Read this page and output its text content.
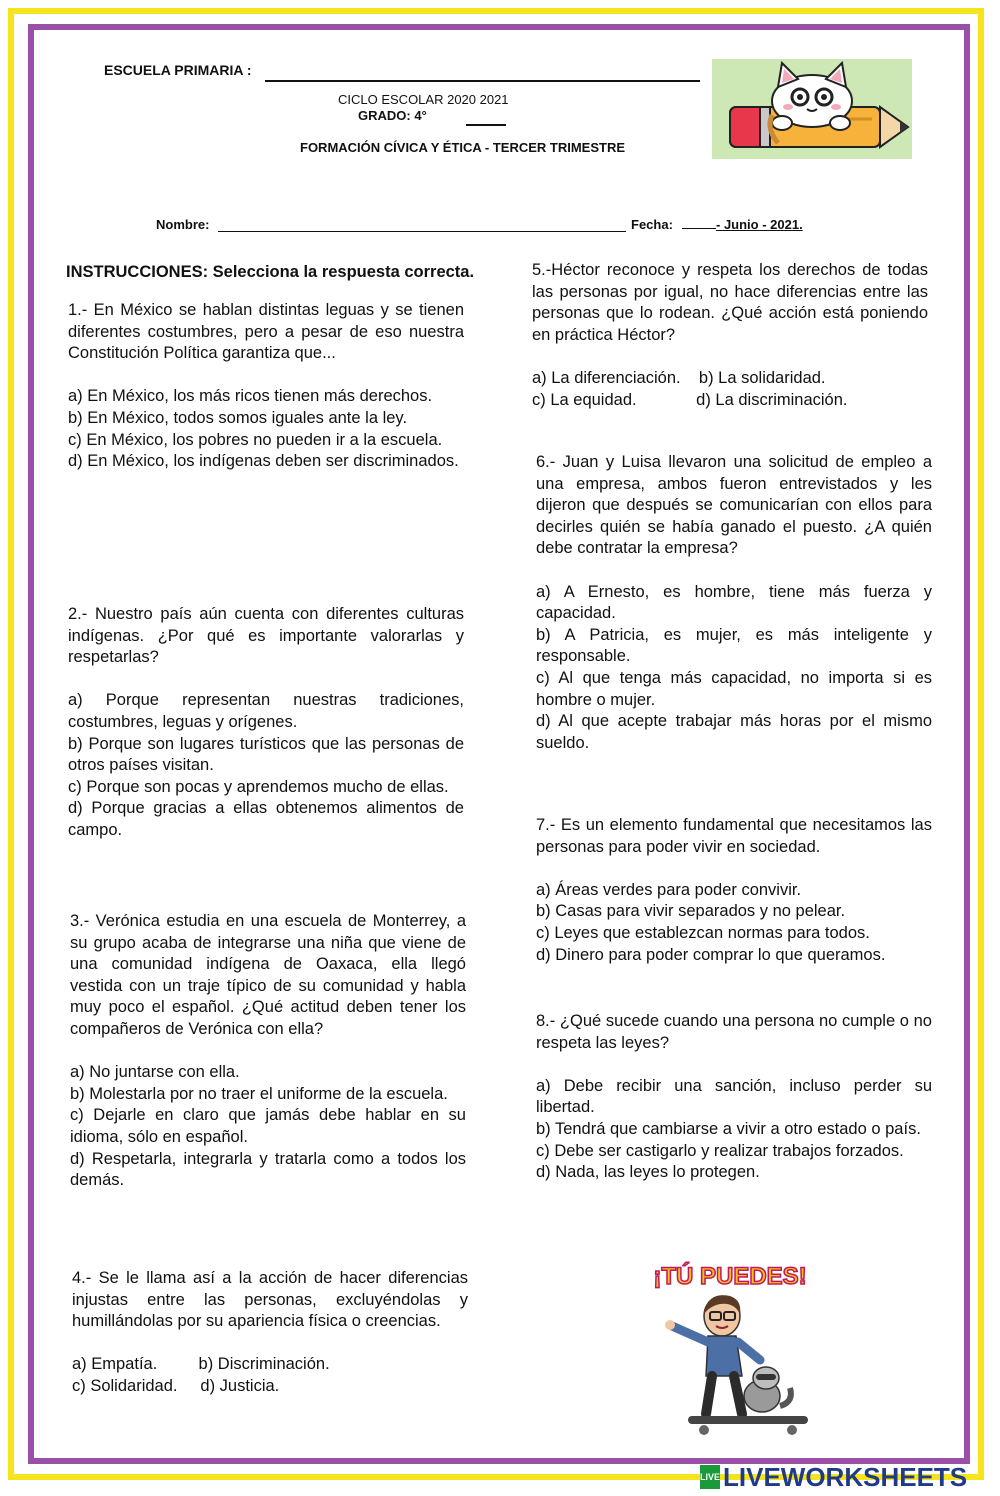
ESCUELA PRIMARIA :
CICLO ESCOLAR 2020 2021
GRADO: 4°
FORMACIÓN CÍVICA Y ÉTICA - TERCER TRIMESTRE
Nombre:	Fecha:	- Junio - 2021.
INSTRUCCIONES: Selecciona la respuesta correcta.

1.- En México se hablan distintas leguas y se tienen diferentes costumbres, pero a pesar de eso nuestra Constitución Política garantiza que...

a) En México, los más ricos tienen más derechos.

b) En México, todos somos iguales ante la ley.

c) En México, los pobres no pueden ir a la escuela.

d) En México, los indígenas deben ser discriminados.

2.- Nuestro país aún cuenta con diferentes culturas indígenas. ¿Por qué es importante valorarlas y respetarlas?

a) Porque representan nuestras tradiciones, costumbres, leguas y orígenes.

b) Porque son lugares turísticos que las personas de otros países visitan.

c) Porque son pocas y aprendemos mucho de ellas.

d) Porque gracias a ellas obtenemos alimentos de campo.

3.- Verónica estudia en una escuela de Monterrey, a su grupo acaba de integrarse una niña que viene de una comunidad indígena de Oaxaca, ella llegó vestida con un traje típico de su comunidad y habla muy poco el español. ¿Qué actitud deben tener los compañeros de Verónica con ella?

a) No juntarse con ella.

b) Molestarla por no traer el uniforme de la escuela.

c) Dejarle en claro que jamás debe hablar en su idioma, sólo en español.

d) Respetarla, integrarla y tratarla como a todos los demás.

4.- Se le llama así a la acción de hacer diferencias injustas entre las personas, excluyéndolas y humillándolas por su apariencia física o creencias.

a) Empatía.         b) Discriminación.

c) Solidaridad.     d) Justicia.

5.-Héctor reconoce y respeta los derechos de todas las personas por igual, no hace diferencias entre las personas que lo rodean. ¿Qué acción está poniendo en práctica Héctor?

a) La diferenciación.    b) La solidaridad.

c) La equidad.             d) La discriminación.

6.- Juan y Luisa llevaron una solicitud de empleo a una empresa, ambos fueron entrevistados y les dijeron que después se comunicarían con ellos para decirles quién se había ganado el puesto. ¿A quién debe contratar la empresa?

a) A Ernesto, es hombre, tiene más fuerza y capacidad.

b) A Patricia, es mujer, es más inteligente y responsable.

c) Al que tenga más capacidad, no importa si es hombre o mujer.

d) Al que acepte trabajar más horas por el mismo sueldo.

7.- Es un elemento fundamental que necesitamos las personas para poder vivir en sociedad.

a) Áreas verdes para poder convivir.

b) Casas para vivir separados y no pelear.

c) Leyes que establezcan normas para todos.

d) Dinero para poder comprar lo que queramos.

8.- ¿Qué sucede cuando una persona no cumple o no respeta las leyes?

a) Debe recibir una sanción, incluso perder su libertad.

b) Tendrá que cambiarse a vivir a otro estado o país.

c) Debe ser castigarlo y realizar trabajos forzados.

d) Nada, las leyes lo protegen.

¡TÚ PUEDES!
LIVE LIVEWORKSHEETS
